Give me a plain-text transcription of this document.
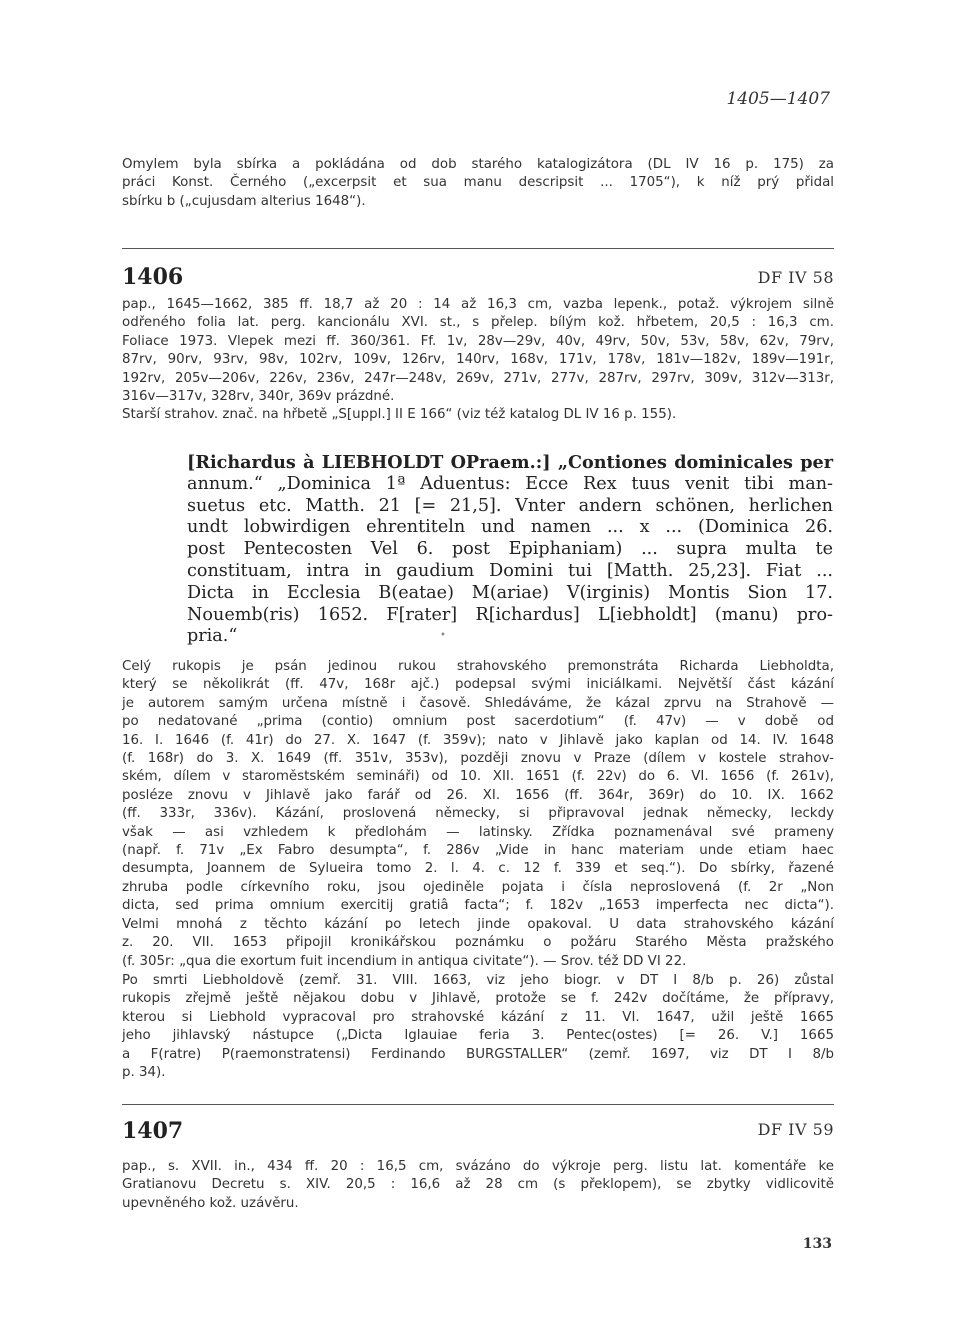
1405—1407
Omylem byla sbírka a pokládána od dob starého katalogizátora (DL IV 16 p. 175) za
práci Konst. Černého („excerpsit et sua manu descripsit ... 1705“), k níž prý přidal
sbírku b („cujusdam alterius 1648“).
1406	DF IV 58
pap., 1645—1662, 385 ff. 18,7 až 20 : 14 až 16,3 cm, vazba lepenk., potaž. výkrojem silně
odřeného folia lat. perg. kancionálu XVI. st., s přelep. bílým kož. hřbetem, 20,5 : 16,3 cm.
Foliace 1973. Vlepek mezi ff. 360/361. Ff. 1v, 28v—29v, 40v, 49rv, 50v, 53v, 58v, 62v, 79rv,
87rv, 90rv, 93rv, 98v, 102rv, 109v, 126rv, 140rv, 168v, 171v, 178v, 181v—182v, 189v—191r,
192rv, 205v—206v, 226v, 236v, 247r—248v, 269v, 271v, 277v, 287rv, 297rv, 309v, 312v—313r,
316v—317v, 328rv, 340r, 369v prázdné.
Starší strahov. znač. na hřbetě „S[uppl.] II E 166“ (viz též katalog DL IV 16 p. 155).
[Richardus à LIEBHOLDT OPraem.:] „Contiones dominicales per
annum.“ „Dominica 1ª Aduentus: Ecce Rex tuus venit tibi man-
suetus etc. Matth. 21 [= 21,5]. Vnter andern schönen, herlichen
undt lobwirdigen ehrentiteln und namen ... x ... (Dominica 26.
post Pentecosten Vel 6. post Epiphaniam) ... supra multa te
constituam, intra in gaudium Domini tui [Matth. 25,23]. Fiat ...
Dicta in Ecclesia B(eatae) M(ariae) V(irginis) Montis Sion 17.
Nouemb(ris) 1652. F[rater] R[ichardus] L[iebholdt] (manu) pro-
pria.“	•
Celý rukopis je psán jedinou rukou strahovského premonstráta Richarda Liebholdta,
který se několikrát (ff. 47v, 168r ajč.) podepsal svými iniciálkami. Největší část kázání
je autorem samým určena místně i časově. Shledáváme, že kázal zprvu na Strahově —
po nedatované „prima (contio) omnium post sacerdotium“ (f. 47v) — v době od
16. I. 1646 (f. 41r) do 27. X. 1647 (f. 359v); nato v Jihlavě jako kaplan od 14. IV. 1648
(f. 168r) do 3. X. 1649 (ff. 351v, 353v), později znovu v Praze (dílem v kostele strahov-
ském, dílem v staroměstském semináři) od 10. XII. 1651 (f. 22v) do 6. VI. 1656 (f. 261v),
posléze znovu v Jihlavě jako farář od 26. XI. 1656 (ff. 364r, 369r) do 10. IX. 1662
(ff. 333r, 336v). Kázání, proslovená německy, si připravoval jednak německy, leckdy
však — asi vzhledem k předlohám — latinsky. Zřídka poznamenával své prameny
(např. f. 71v „Ex Fabro desumpta“, f. 286v „Vide in hanc materiam unde etiam haec
desumpta, Joannem de Sylueira tomo 2. l. 4. c. 12 f. 339 et seq.“). Do sbírky, řazené
zhruba podle církevního roku, jsou ojediněle pojata i čísla neproslovená (f. 2r „Non
dicta, sed prima omnium exercitij gratiâ facta“; f. 182v „1653 imperfecta nec dicta“).
Velmi mnohá z těchto kázání po letech jinde opakoval. U data strahovského kázání
z. 20. VII. 1653 připojil kronikářskou poznámku o požáru Starého Města pražského
(f. 305r: „qua die exortum fuit incendium in antiqua civitate“). — Srov. též DD VI 22.
Po smrti Liebholdově (zemř. 31. VIII. 1663, viz jeho biogr. v DT I 8/b p. 26) zůstal
rukopis zřejmě ještě nějakou dobu v Jihlavě, protože se f. 242v dočítáme, že přípravy,
kterou si Liebhold vypracoval pro strahovské kázání z 11. VI. 1647, užil ještě 1665
jeho jihlavský nástupce („Dicta Iglauiae feria 3. Pentec(ostes) [= 26. V.] 1665
a F(ratre) P(raemonstratensi) Ferdinando BURGSTALLER“ (zemř. 1697, viz DT I 8/b
p. 34).
1407	DF IV 59
pap., s. XVII. in., 434 ff. 20 : 16,5 cm, svázáno do výkroje perg. listu lat. komentáře ke
Gratianovu Decretu s. XIV. 20,5 : 16,6 až 28 cm (s překlopem), se zbytky vidlicovitě
upevněného kož. uzávěru.
133
